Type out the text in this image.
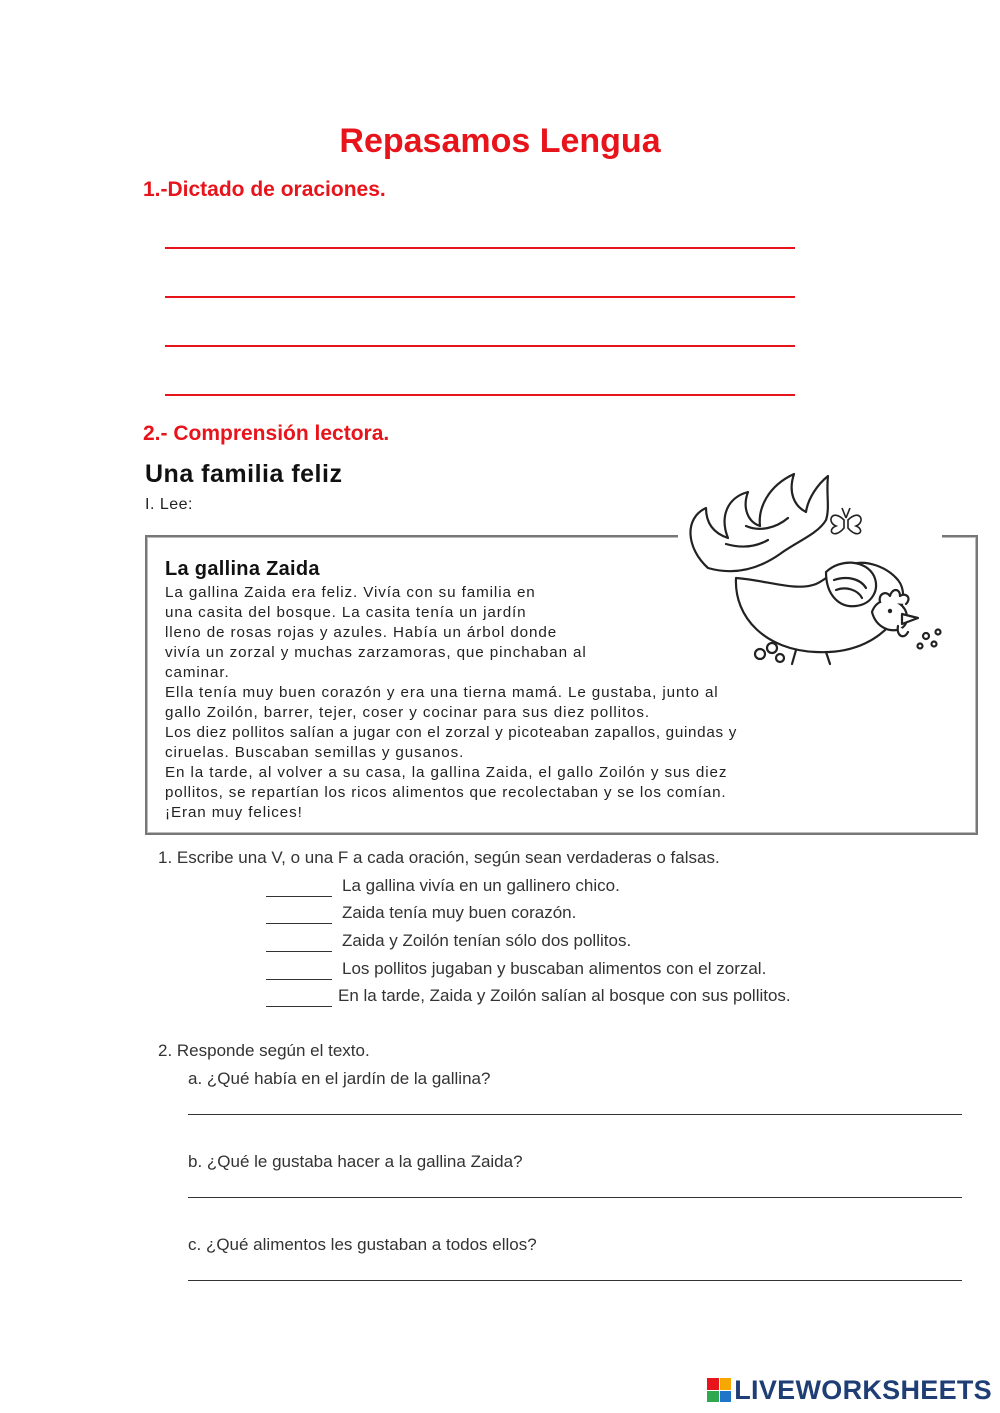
Repasamos Lengua
1.-Dictado de oraciones.
2.- Comprensión lectora.
Una familia feliz
I. Lee:
La gallina Zaida
La gallina Zaida era feliz. Vivía con su familia en
una casita del bosque. La casita tenía un jardín
lleno de rosas rojas y azules. Había un árbol donde
vivía un zorzal y muchas zarzamoras, que pinchaban al
caminar.
Ella tenía muy buen corazón y era una tierna mamá. Le gustaba, junto al
gallo Zoilón, barrer, tejer, coser y cocinar para sus diez pollitos.
Los diez pollitos salían a jugar con el zorzal y picoteaban zapallos, guindas y
ciruelas. Buscaban semillas y gusanos.
En la tarde, al volver a su casa, la gallina Zaida, el gallo Zoilón y sus diez
pollitos, se repartían los ricos alimentos que recolectaban y se los comían.
¡Eran muy felices!
1. Escribe una V, o una F a cada oración, según sean verdaderas o falsas.
La gallina vivía en un gallinero chico.
Zaida tenía muy buen corazón.
Zaida y Zoilón tenían sólo dos pollitos.
Los pollitos jugaban y buscaban alimentos con el zorzal.
En la tarde, Zaida y Zoilón salían al bosque con sus pollitos.
2. Responde según el texto.
a. ¿Qué había en el jardín de la gallina?
b. ¿Qué le gustaba hacer a la gallina Zaida?
c. ¿Qué alimentos les gustaban a todos ellos?
LIVEWORKSHEETS
